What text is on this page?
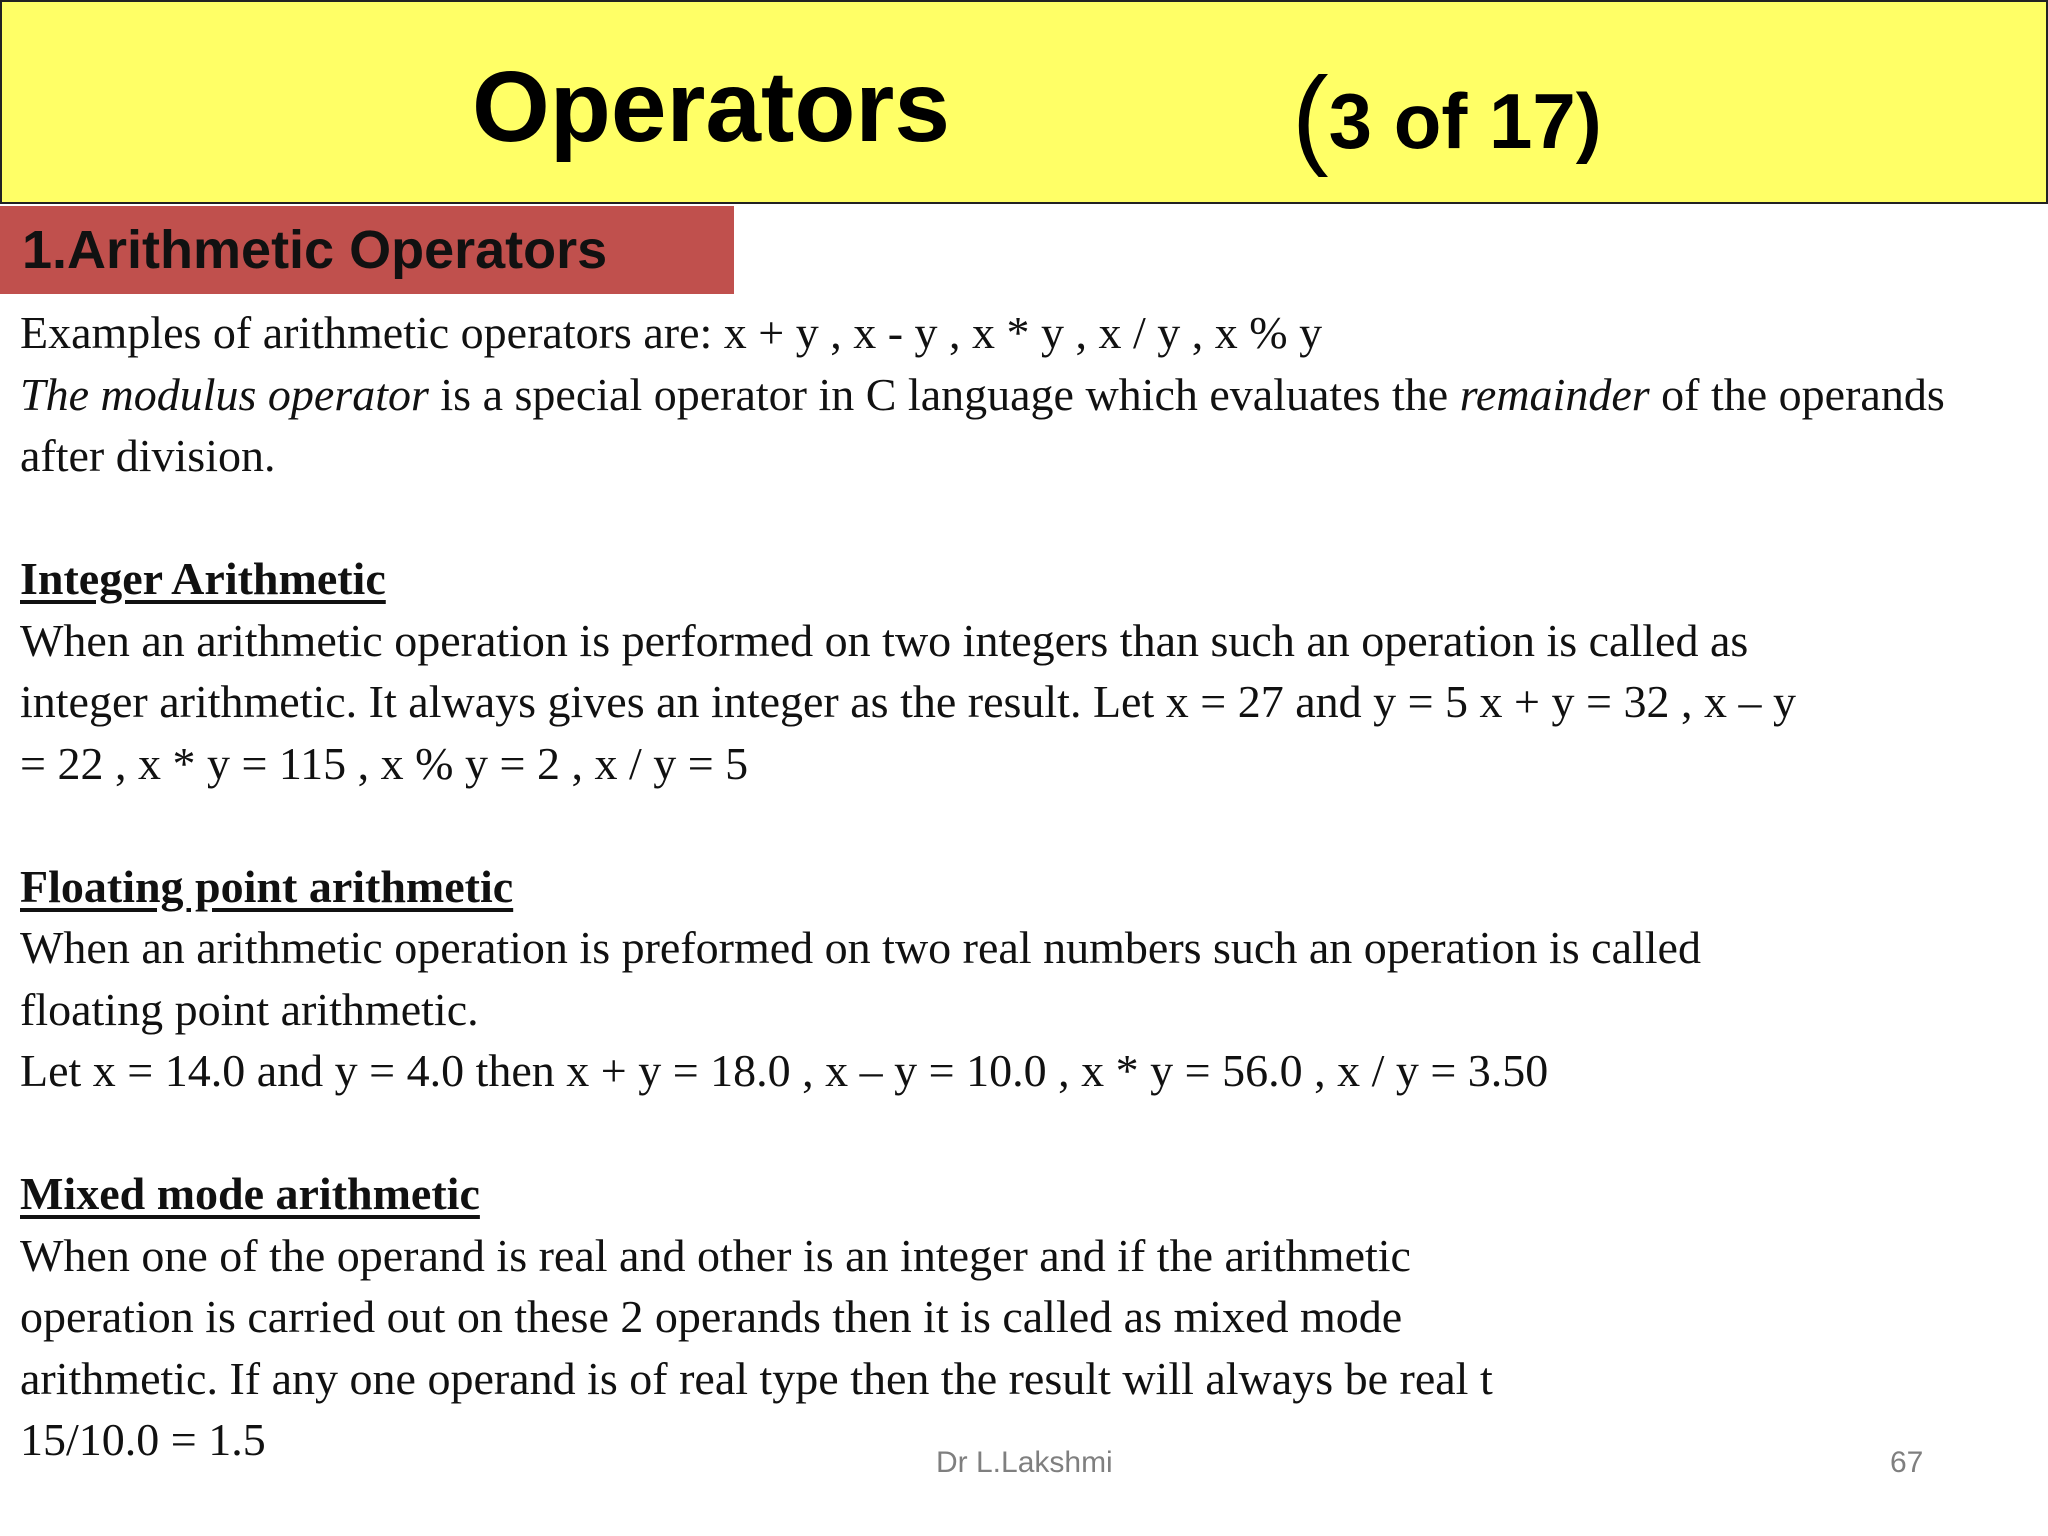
Operators	(3 of 17)
1.Arithmetic Operators

Examples of arithmetic operators are: x + y , x - y , x * y , x / y , x % y

The modulus operator is a special operator in C language which evaluates the remainder of the operands after division.

Integer Arithmetic

When an arithmetic operation is performed on two integers than such an operation is called as

integer arithmetic. It always gives an integer as the result. Let x = 27 and y = 5 x + y = 32 , x – y

= 22 , x * y = 115 , x % y = 2 , x / y = 5

Floating point arithmetic

When an arithmetic operation is preformed on two real numbers such an operation is called

floating point arithmetic.

Let x = 14.0 and y = 4.0 then x + y = 18.0 , x – y = 10.0 , x * y = 56.0 , x / y = 3.50

Mixed mode arithmetic

When one of the operand is real and other is an integer and if the arithmetic

operation is carried out on these 2 operands then it is called as mixed mode

arithmetic. If any one operand is of real type then the result will always be real t

15/10.0 = 1.5	Dr L.Lakshmi	67
